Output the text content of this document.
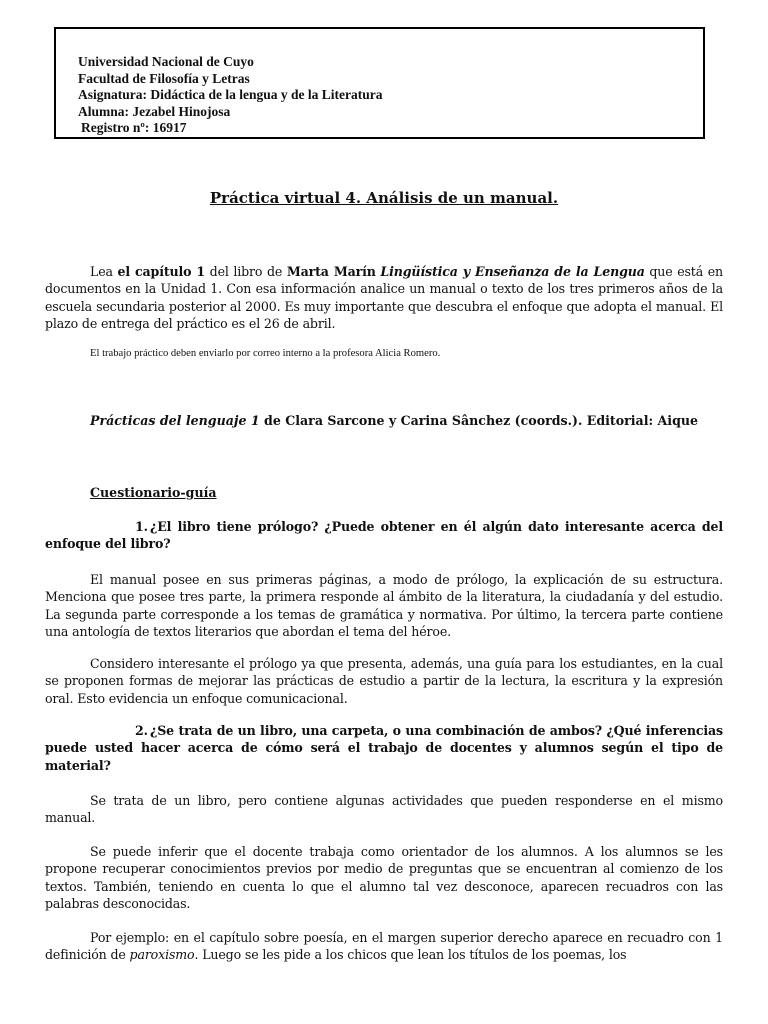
Universidad Nacional de Cuyo
Facultad de Filosofía y Letras
Asignatura: Didáctica de la lengua y de la Literatura
Alumna: Jezabel Hinojosa
Registro nº: 16917
Práctica virtual 4. Análisis de un manual.

Lea el capítulo 1 del libro de Marta Marín Lingüística y Enseñanza de la Lengua que está en documentos en la Unidad 1. Con esa información analice un manual o texto de los tres primeros años de la escuela secundaria posterior al 2000. Es muy importante que descubra el enfoque que adopta el manual. El plazo de entrega del práctico es el 26 de abril.

El trabajo práctico deben enviarlo por correo interno a la profesora Alicia Romero.
Prácticas del lenguaje 1 de Clara Sarcone y Carina Sânchez (coords.). Editorial: Aique
Cuestionario-guía

1. ¿El libro tiene prólogo? ¿Puede obtener en él algún dato interesante acerca del enfoque del libro?

El manual posee en sus primeras páginas, a modo de prólogo, la explicación de su estructura. Menciona que posee tres parte, la primera responde al ámbito de la literatura, la ciudadanía y del estudio. La segunda parte corresponde a los temas de gramática y normativa. Por último, la tercera parte contiene una antología de textos literarios que abordan el tema del héroe.

Considero interesante el prólogo ya que presenta, además, una guía para los estudiantes, en la cual se proponen formas de mejorar las prácticas de estudio a partir de la lectura, la escritura y la expresión oral. Esto evidencia un enfoque comunicacional.

2. ¿Se trata de un libro, una carpeta, o una combinación de ambos? ¿Qué inferencias puede usted hacer acerca de cómo será el trabajo de docentes y alumnos según el tipo de material?

Se trata de un libro, pero contiene algunas actividades que pueden responderse en el mismo manual.

Se puede inferir que el docente trabaja como orientador de los alumnos. A los alumnos se les propone recuperar conocimientos previos por medio de preguntas que se encuentran al comienzo de los textos. También, teniendo en cuenta lo que el alumno tal vez desconoce, aparecen recuadros con las palabras desconocidas.

Por ejemplo: en el capítulo sobre poesía, en el margen superior derecho aparece en recuadro con 1 definición de paroxismo. Luego se les pide a los chicos que lean los títulos de los poemas, los
